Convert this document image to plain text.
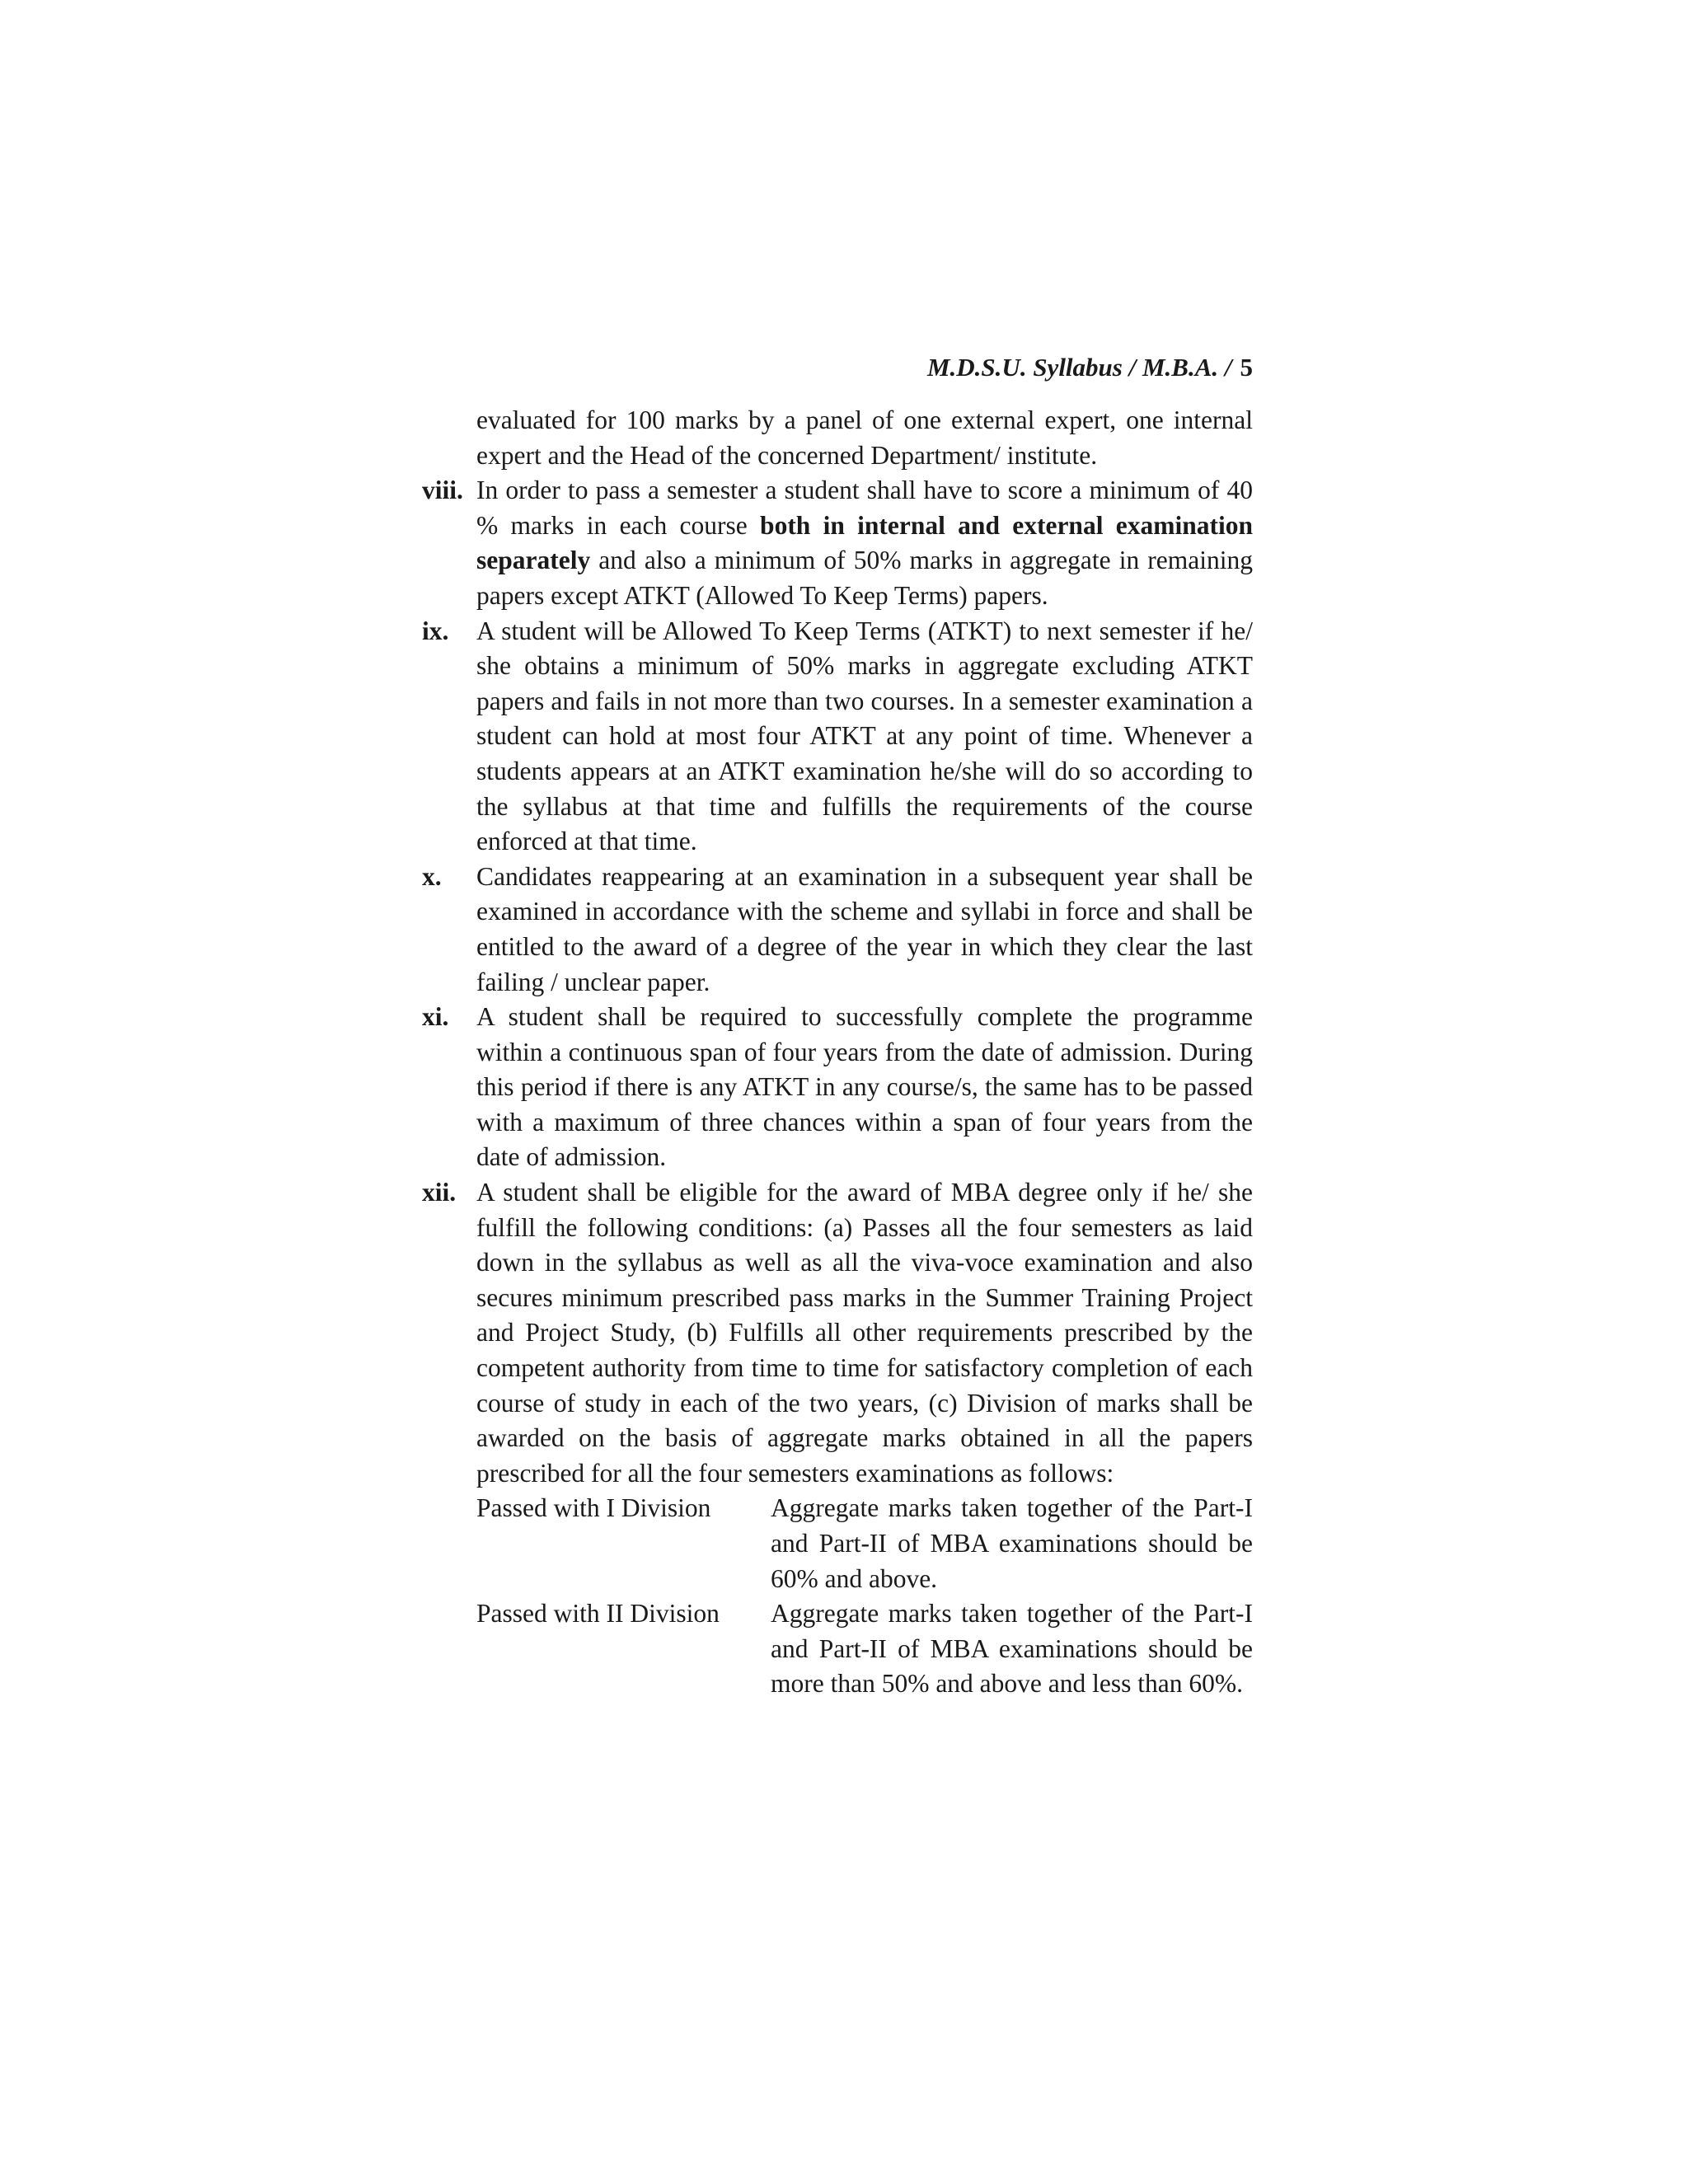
M.D.S.U. Syllabus / M.B.A. / 5
evaluated for 100 marks by a panel of one external expert, one internal expert and the Head of the concerned Department/ institute.
viii. In order to pass a semester a student shall have to score a minimum of 40 % marks in each course both in internal and external examination separately and also a minimum of 50% marks in aggregate in remaining papers except ATKT (Allowed To Keep Terms) papers.
ix. A student will be Allowed To Keep Terms (ATKT) to next semester if he/ she obtains a minimum of 50% marks in aggregate excluding ATKT papers and fails in not more than two courses. In a semester examination a student can hold at most four ATKT at any point of time. Whenever a students appears at an ATKT examination he/she will do so according to the syllabus at that time and fulfills the requirements of the course enforced at that time.
x. Candidates reappearing at an examination in a subsequent year shall be examined in accordance with the scheme and syllabi in force and shall be entitled to the award of a degree of the year in which they clear the last failing / unclear paper.
xi. A student shall be required to successfully complete the programme within a continuous span of four years from the date of admission. During this period if there is any ATKT in any course/s, the same has to be passed with a maximum of three chances within a span of four years from the date of admission.
xii. A student shall be eligible for the award of MBA degree only if he/ she fulfill the following conditions: (a) Passes all the four semesters as laid down in the syllabus as well as all the viva-voce examination and also secures minimum prescribed pass marks in the Summer Training Project and Project Study, (b) Fulfills all other requirements prescribed by the competent authority from time to time for satisfactory completion of each course of study in each of the two years, (c) Division of marks shall be awarded on the basis of aggregate marks obtained in all the papers prescribed for all the four semesters examinations as follows:
Passed with I Division	Aggregate marks taken together of the Part-I and Part-II of MBA examinations should be 60% and above.
Passed with II Division	Aggregate marks taken together of the Part-I and Part-II of MBA examinations should be more than 50% and above and less than 60%.
